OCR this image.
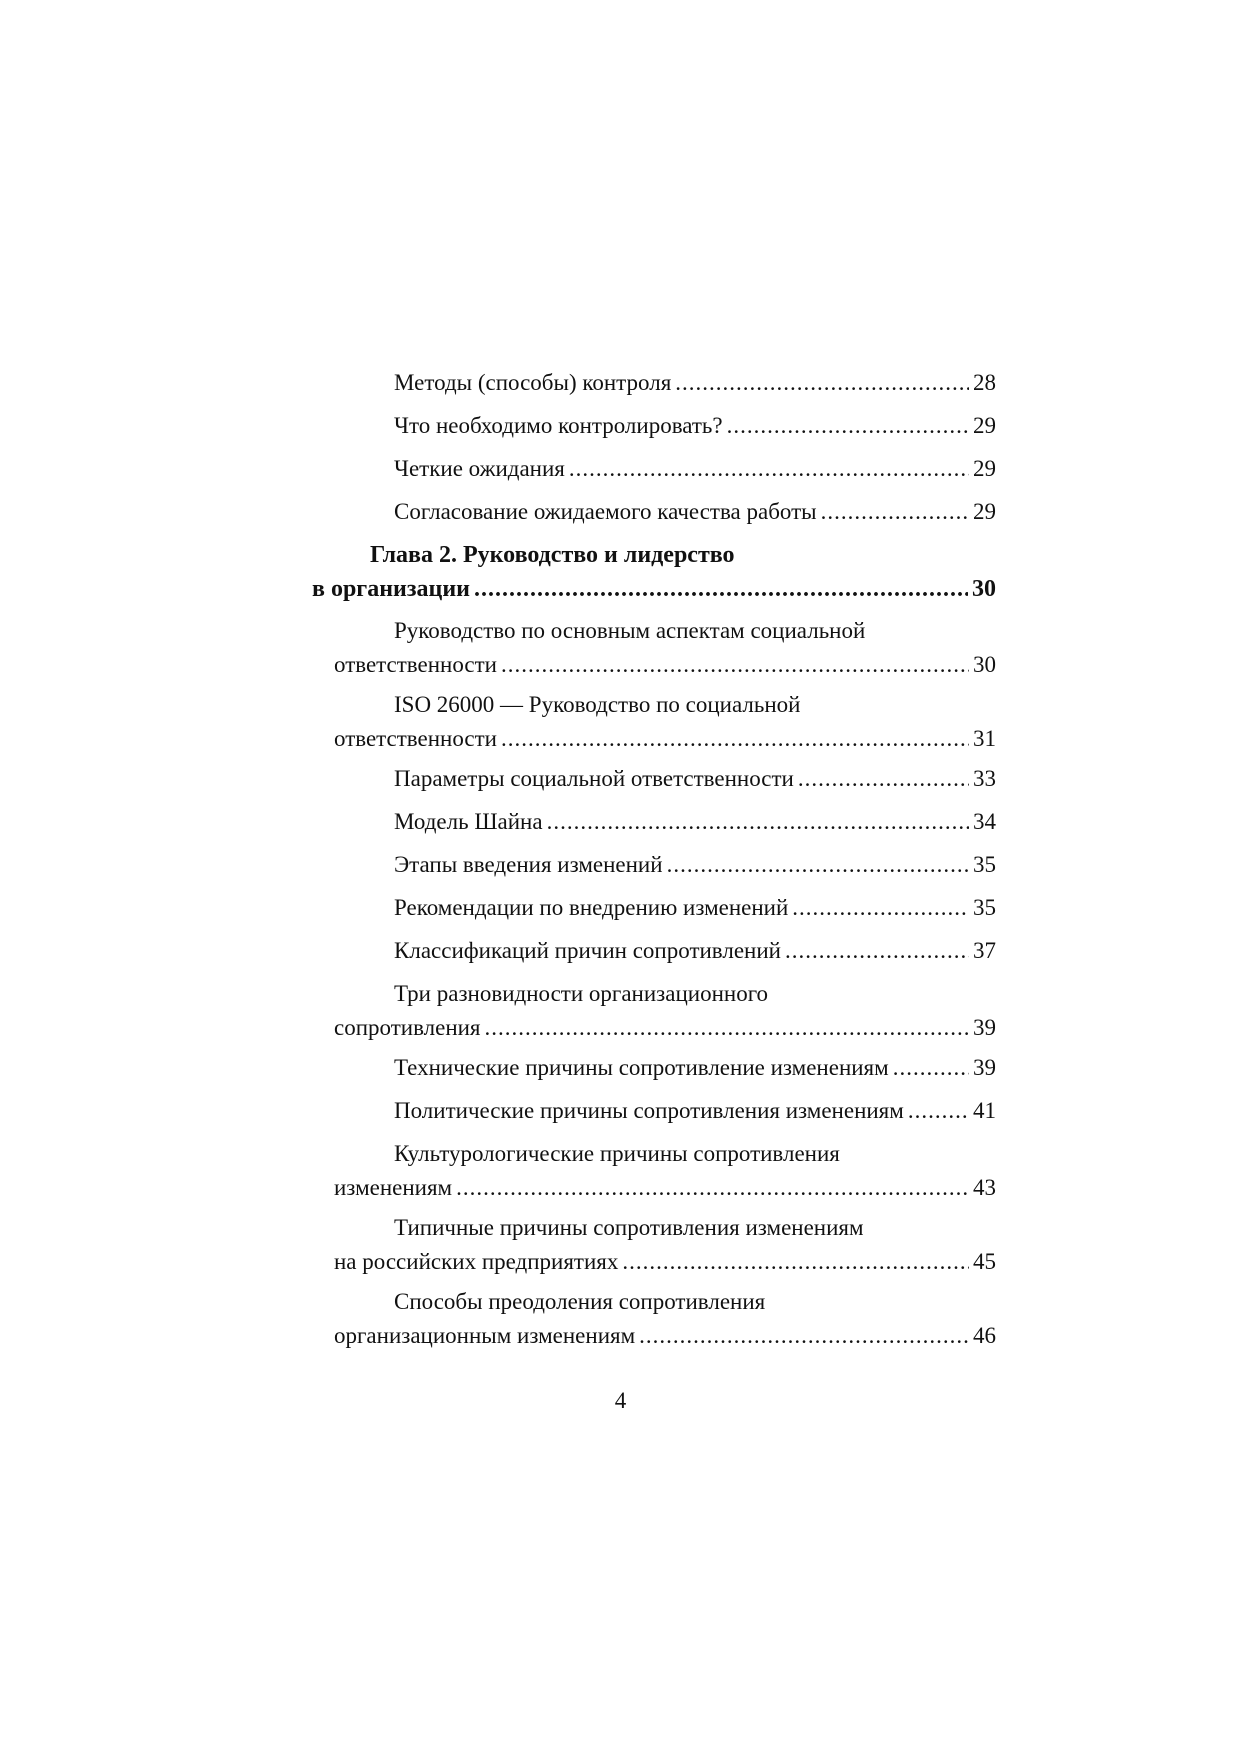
Методы (способы) контроля .....	28
Что необходимо контролировать? .....	29
Четкие ожидания .....	29
Согласование ожидаемого качества работы .....	29
Глава 2. Руководство и лидерство
в организации .....	30
Руководство по основным аспектам социальной
ответственности .....	30
ISO 26000 — Руководство по социальной
ответственности .....	31
Параметры социальной ответственности .....	33
Модель Шайна .....	34
Этапы введения изменений .....	35
Рекомендации по внедрению изменений .....	35
Классификаций причин сопротивлений .....	37
Три разновидности организационного
сопротивления .....	39
Технические причины сопротивление изменениям .....	39
Политические причины сопротивления изменениям .....	41
Культурологические причины сопротивления
изменениям .....	43
Типичные причины сопротивления изменениям
на российских предприятиях .....	45
Способы преодоления сопротивления
организационным изменениям .....	46
4
